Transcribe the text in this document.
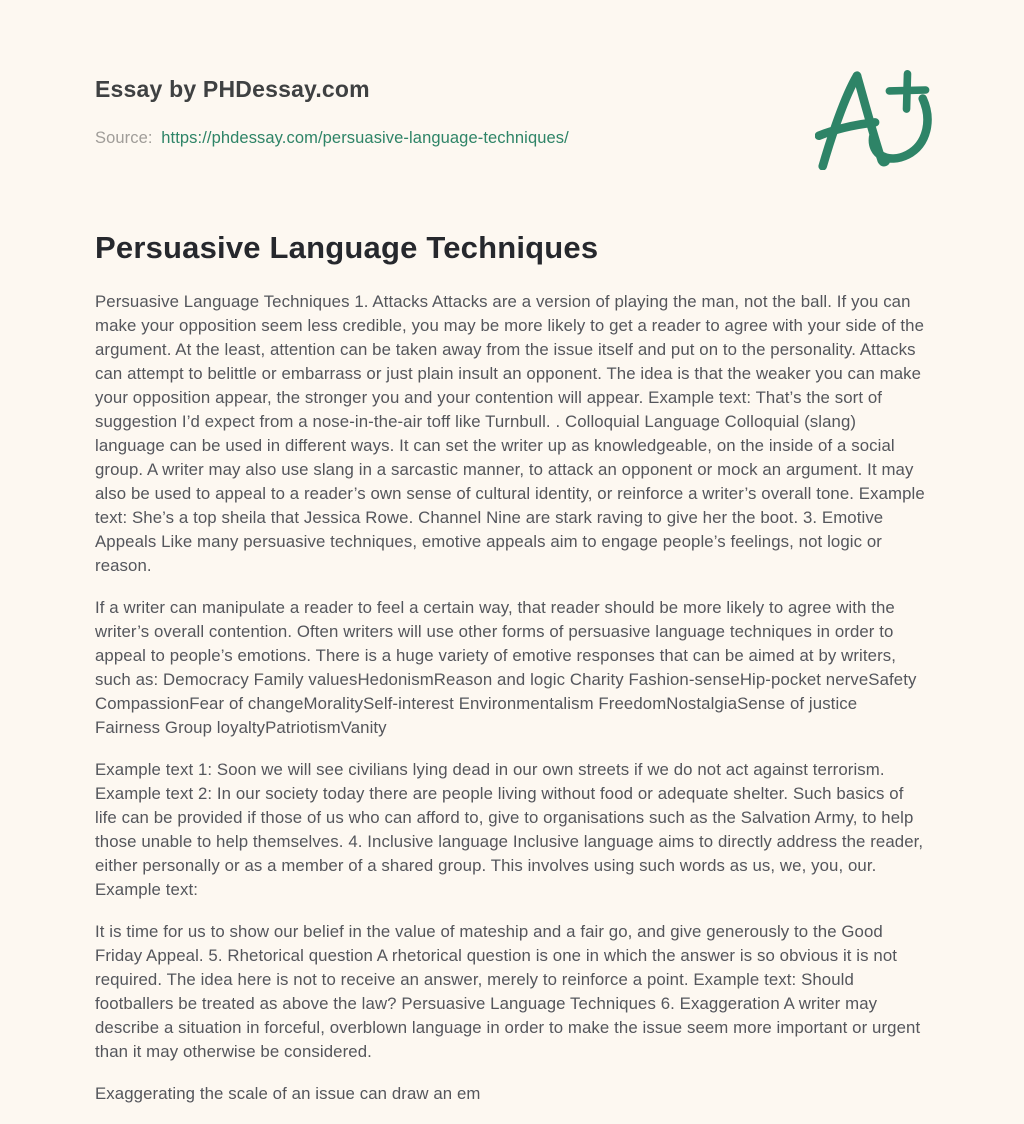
Essay by PHDessay.com
Source: https://phdessay.com/persuasive-language-techniques/
Persuasive Language Techniques

Persuasive Language Techniques 1. Attacks Attacks are a version of playing the man, not the ball. If you can make your opposition seem less credible, you may be more likely to get a reader to agree with your side of the argument. At the least, attention can be taken away from the issue itself and put on to the personality. Attacks can attempt to belittle or embarrass or just plain insult an opponent. The idea is that the weaker you can make your opposition appear, the stronger you and your contention will appear. Example text: That’s the sort of suggestion I’d expect from a nose-in-the-air toff like Turnbull. . Colloquial Language Colloquial (slang) language can be used in different ways. It can set the writer up as knowledgeable, on the inside of a social group. A writer may also use slang in a sarcastic manner, to attack an opponent or mock an argument. It may also be used to appeal to a reader’s own sense of cultural identity, or reinforce a writer’s overall tone. Example text: She’s a top sheila that Jessica Rowe. Channel Nine are stark raving to give her the boot. 3. Emotive Appeals Like many persuasive techniques, emotive appeals aim to engage people’s feelings, not logic or reason.

If a writer can manipulate a reader to feel a certain way, that reader should be more likely to agree with the writer’s overall contention. Often writers will use other forms of persuasive language techniques in order to appeal to people’s emotions. There is a huge variety of emotive responses that can be aimed at by writers, such as: Democracy Family valuesHedonismReason and logic Charity Fashion-senseHip-pocket nerveSafety CompassionFear of changeMoralitySelf-interest Environmentalism FreedomNostalgiaSense of justice Fairness Group loyaltyPatriotismVanity

Example text 1: Soon we will see civilians lying dead in our own streets if we do not act against terrorism. Example text 2: In our society today there are people living without food or adequate shelter. Such basics of life can be provided if those of us who can afford to, give to organisations such as the Salvation Army, to help those unable to help themselves. 4. Inclusive language Inclusive language aims to directly address the reader, either personally or as a member of a shared group. This involves using such words as us, we, you, our. Example text:

It is time for us to show our belief in the value of mateship and a fair go, and give generously to the Good Friday Appeal. 5. Rhetorical question A rhetorical question is one in which the answer is so obvious it is not required. The idea here is not to receive an answer, merely to reinforce a point. Example text: Should footballers be treated as above the law? Persuasive Language Techniques 6. Exaggeration A writer may describe a situation in forceful, overblown language in order to make the issue seem more important or urgent than it may otherwise be considered.

Exaggerating the scale of an issue can draw an em
